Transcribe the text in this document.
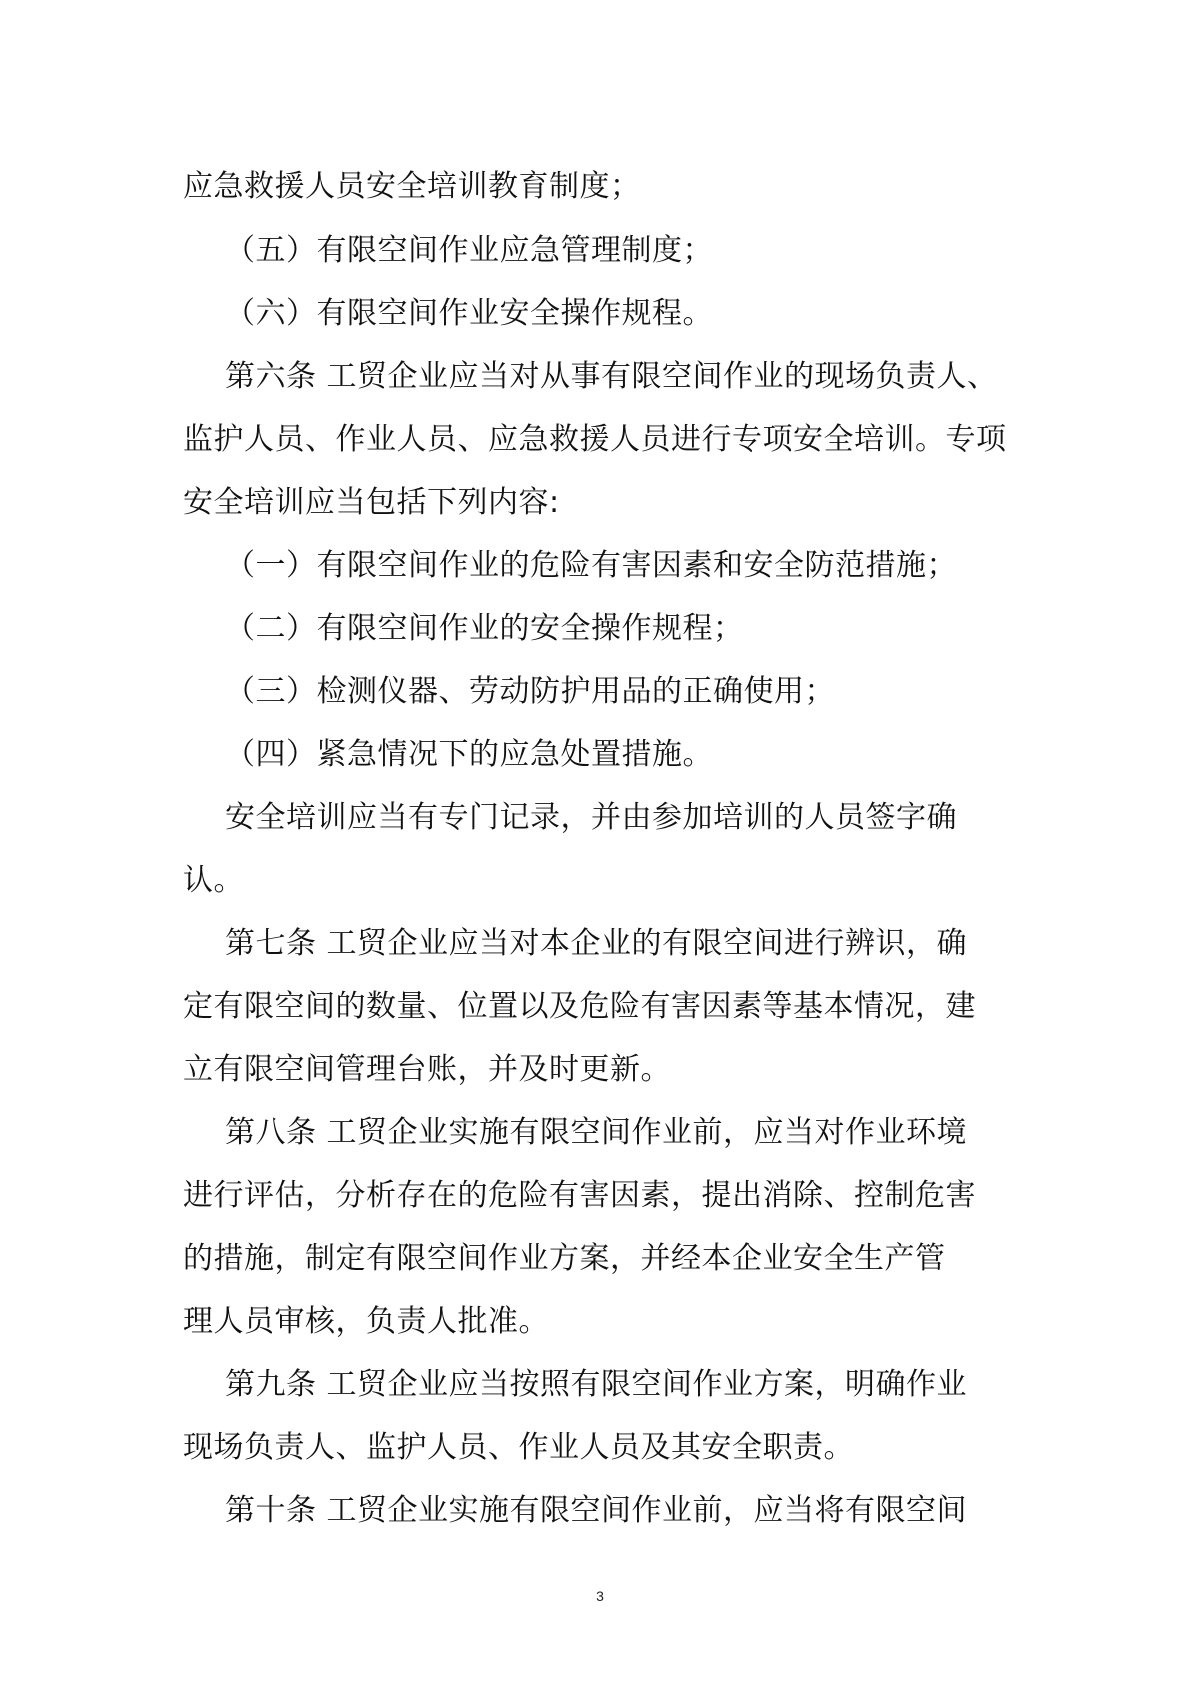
应急救援人员安全培训教育制度；
（五）有限空间作业应急管理制度；
（六）有限空间作业安全操作规程。
第六条 工贸企业应当对从事有限空间作业的现场负责人、
监护人员、作业人员、应急救援人员进行专项安全培训。专项
安全培训应当包括下列内容:
（一）有限空间作业的危险有害因素和安全防范措施；
（二）有限空间作业的安全操作规程；
（三）检测仪器、劳动防护用品的正确使用；
（四）紧急情况下的应急处置措施。
安全培训应当有专门记录，并由参加培训的人员签字确
认。
第七条 工贸企业应当对本企业的有限空间进行辨识，确
定有限空间的数量、位置以及危险有害因素等基本情况，建
立有限空间管理台账，并及时更新。
第八条 工贸企业实施有限空间作业前，应当对作业环境
进行评估，分析存在的危险有害因素，提出消除、控制危害
的措施，制定有限空间作业方案，并经本企业安全生产管
理人员审核，负责人批准。
第九条 工贸企业应当按照有限空间作业方案，明确作业
现场负责人、监护人员、作业人员及其安全职责。
第十条 工贸企业实施有限空间作业前，应当将有限空间
3
